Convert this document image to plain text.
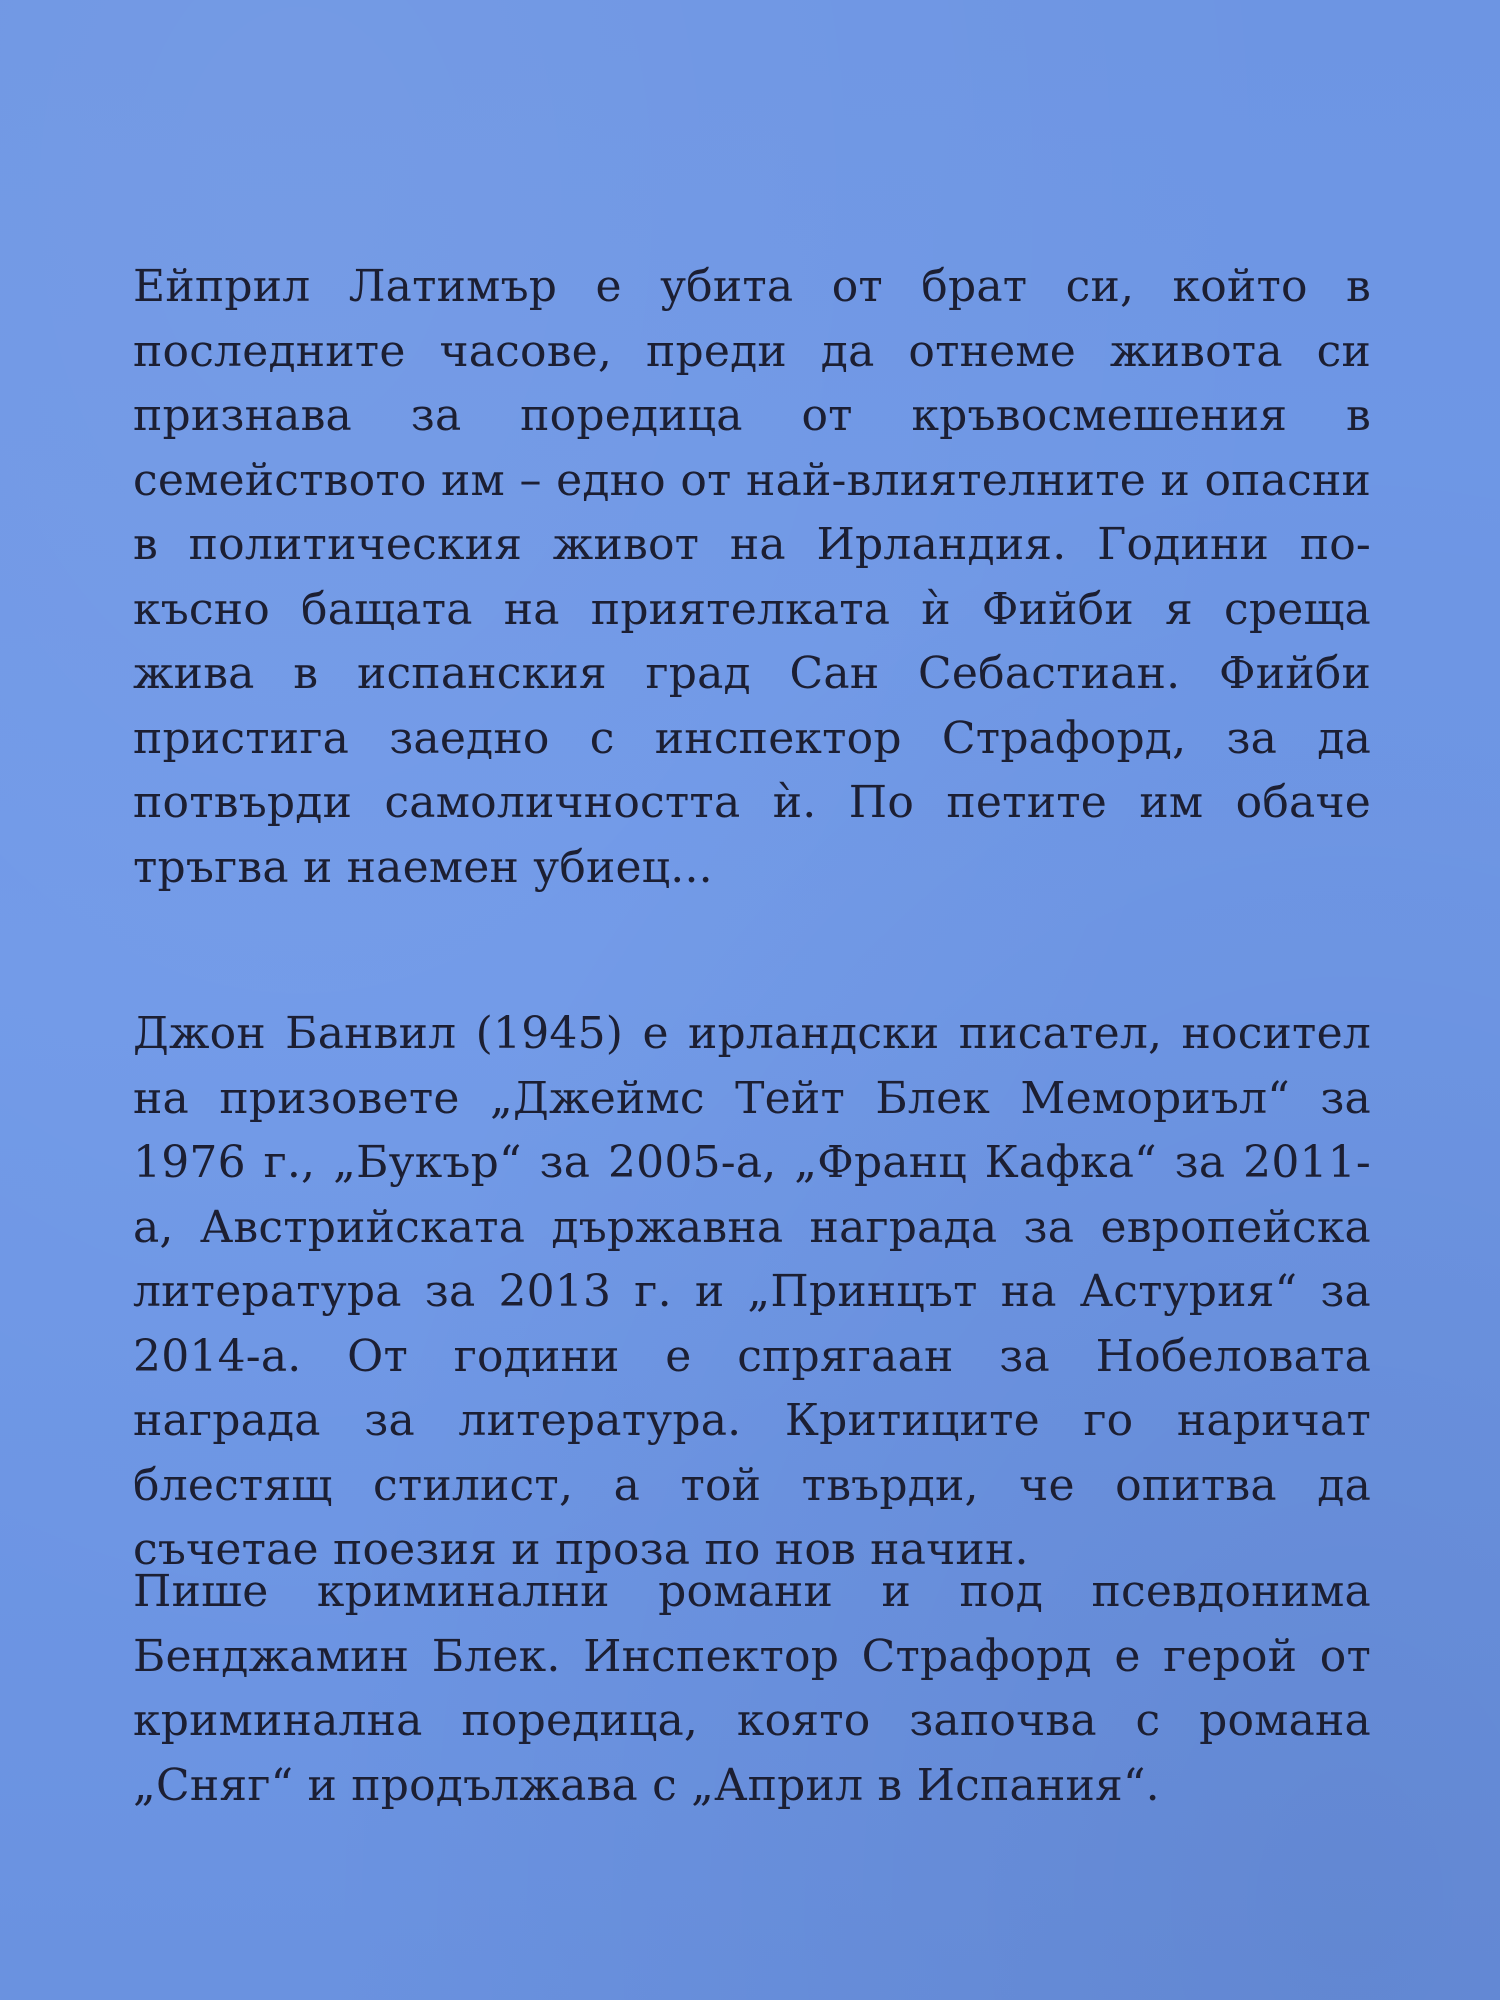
Ейприл Латимър е убита от брат си, който в последните часове, преди да отнеме живота си признава за поредица от кръвосмешения в семейството им – едно от най-влиятелните и опасни в политическия живот на Ирландия. Години по-късно бащата на приятелката ѝ Фийби я среща жива в испанския град Сан Себастиан. Фийби пристига заедно с инспектор Страфорд, за да потвърди самоличността ѝ. По петите им обаче тръгва и наемен убиец...

Джон Банвил (1945) е ирландски писател, носител на призовете „Джеймс Тейт Блек Мемориъл“ за 1976 г., „Букър“ за 2005-а, „Франц Кафка“ за 2011-а, Австрийската държавна награда за европейска литература за 2013 г. и „Принцът на Астурия“ за 2014-а. От години е спрягаан за Нобеловата награда за литература. Критиците го наричат блестящ стилист, а той твърди, че опитва да съчетае поезия и проза по нов начин.

Пише криминални романи и под псевдонима Бенджамин Блек. Инспектор Страфорд е герой от криминална поредица, която започва с романа „Сняг“ и продължава с „Април в Испания“.
